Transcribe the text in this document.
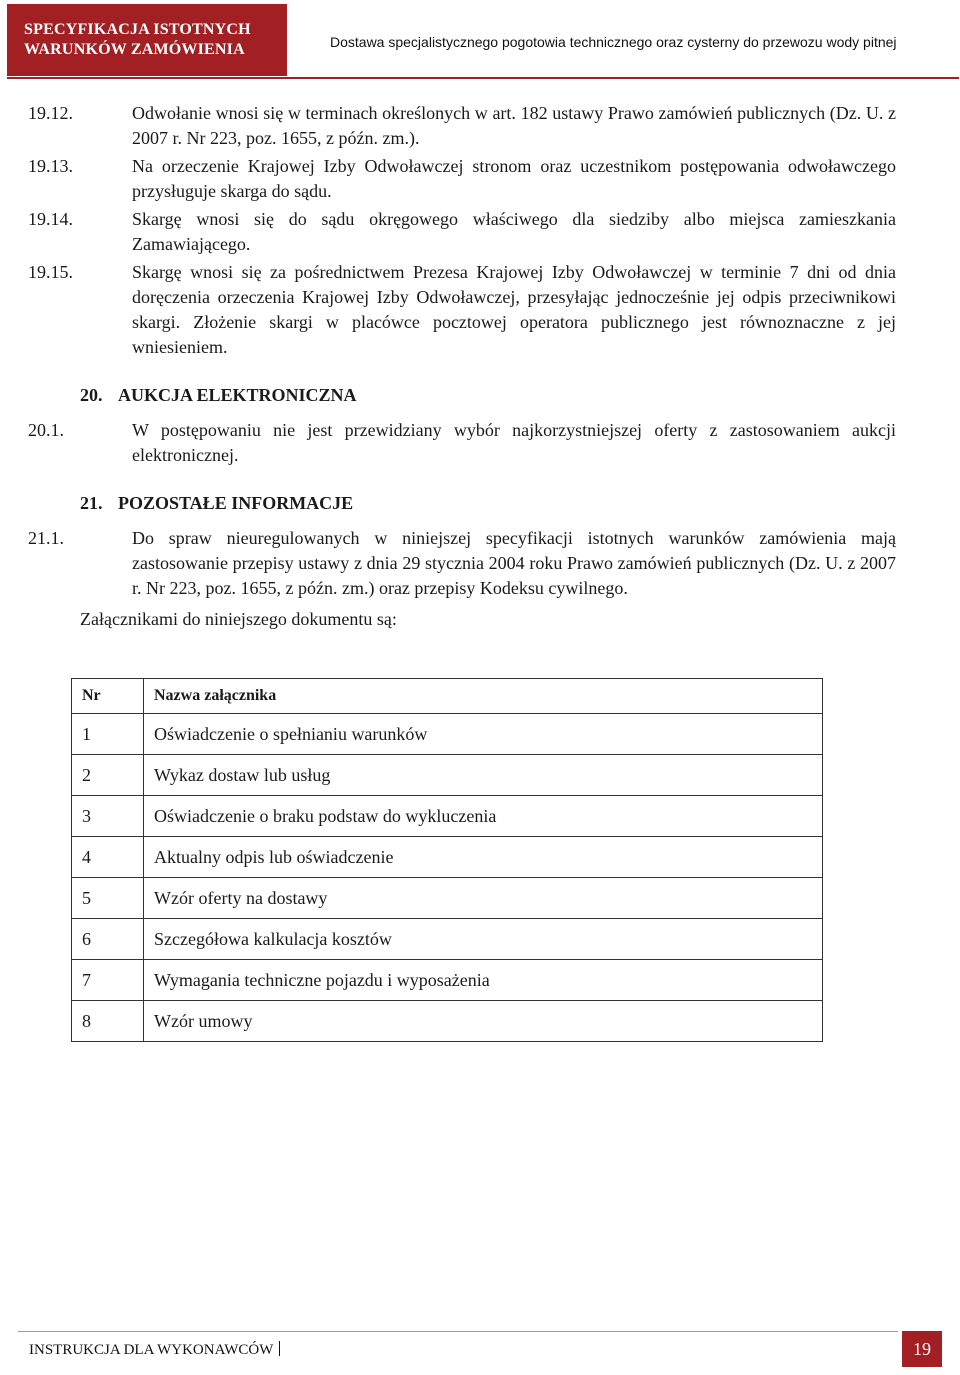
SPECYFIKACJA ISTOTNYCH
WARUNKÓW ZAMÓWIENIA	Dostawa specjalistycznego pogotowia technicznego oraz cysterny do przewozu wody pitnej

19.12.	Odwołanie wnosi się w terminach określonych w art. 182 ustawy Prawo zamówień publicznych (Dz. U. z 2007 r. Nr 223, poz. 1655, z późn. zm.).

19.13.	Na orzeczenie Krajowej Izby Odwoławczej stronom oraz uczestnikom postępowania odwoławczego przysługuje skarga do sądu.

19.14.	Skargę wnosi się do sądu okręgowego właściwego dla siedziby albo miejsca zamieszkania Zamawiającego.

19.15.	Skargę wnosi się za pośrednictwem Prezesa Krajowej Izby Odwoławczej w terminie 7 dni od dnia doręczenia orzeczenia Krajowej Izby Odwoławczej, przesyłając jednocześnie jej odpis przeciwnikowi skargi. Złożenie skargi w placówce pocztowej operatora publicznego jest równoznaczne z jej wniesieniem.

20. AUKCJA ELEKTRONICZNA

20.1.	W postępowaniu nie jest przewidziany wybór najkorzystniejszej oferty z zastosowaniem aukcji elektronicznej.

21. POZOSTAŁE INFORMACJE

21.1.	Do spraw nieuregulowanych w niniejszej specyfikacji istotnych warunków zamówienia mają zastosowanie przepisy ustawy z dnia 29 stycznia 2004 roku Prawo zamówień publicznych (Dz. U. z 2007 r. Nr 223, poz. 1655, z późn. zm.) oraz przepisy Kodeksu cywilnego.

Załącznikami do niniejszego dokumentu są:
Nr	Nazwa załącznika
1	Oświadczenie o spełnianiu warunków
2	Wykaz dostaw lub usług
3	Oświadczenie o braku podstaw do wykluczenia
4	Aktualny odpis lub oświadczenie
5	Wzór oferty na dostawy
6	Szczegółowa kalkulacja kosztów
7	Wymagania techniczne pojazdu i wyposażenia
8	Wzór umowy
INSTRUKCJA DLA WYKONAWCÓW	19
